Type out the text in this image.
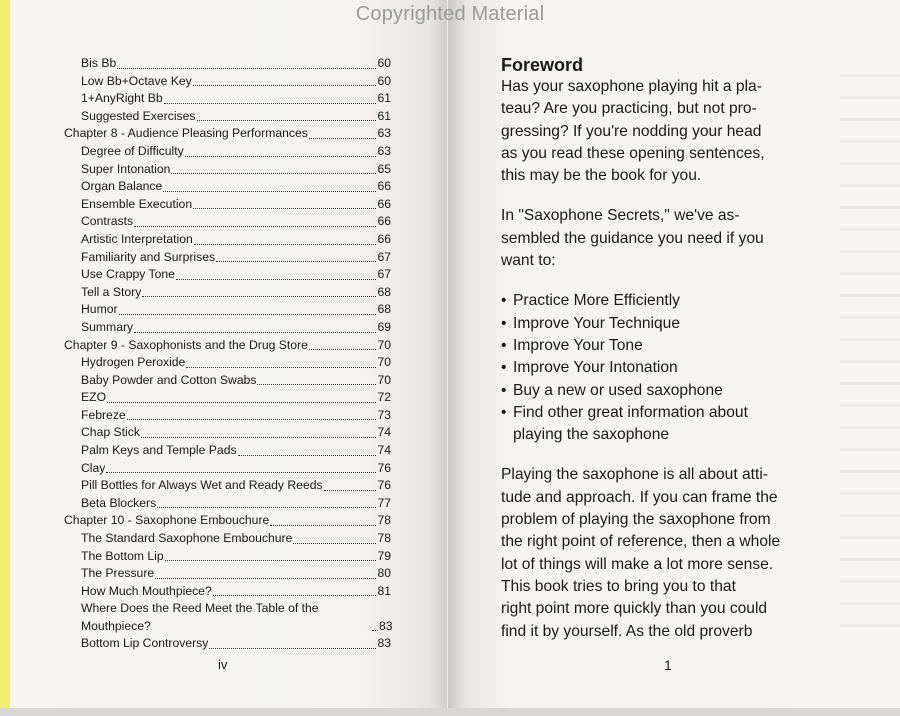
Copyrighted Material
Bis Bb	60
Low Bb+Octave Key	60
1+AnyRight Bb	61
Suggested Exercises	61
Chapter 8 - Audience Pleasing Performances	63
Degree of Difficulty	63
Super Intonation	65
Organ Balance	66
Ensemble Execution	66
Contrasts	66
Artistic Interpretation	66
Familiarity and Surprises	67
Use Crappy Tone	67
Tell a Story	68
Humor	68
Summary	69
Chapter 9 - Saxophonists and the Drug Store	70
Hydrogen Peroxide	70
Baby Powder and Cotton Swabs	70
EZO	72
Febreze	73
Chap Stick	74
Palm Keys and Temple Pads	74
Clay	76
Pill Bottles for Always Wet and Ready Reeds	76
Beta Blockers	77
Chapter 10 - Saxophone Embouchure	78
The Standard Saxophone Embouchure	78
The Bottom Lip	79
The Pressure	80
How Much Mouthpiece?	81
Where Does the Reed Meet the Table of the Mouthpiece?	83
Bottom Lip Controversy	83
iv
Foreword
Has your saxophone playing hit a pla-
teau? Are you practicing, but not pro-
gressing? If you're nodding your head
as you read these opening sentences,
this may be the book for you.
In "Saxophone Secrets," we've as-
sembled the guidance you need if you
want to:
• Practice More Efficiently
• Improve Your Technique
• Improve Your Tone
• Improve Your Intonation
• Buy a new or used saxophone
• Find other great information about
playing the saxophone
Playing the saxophone is all about atti-
tude and approach. If you can frame the
problem of playing the saxophone from
the right point of reference, then a whole
lot of things will make a lot more sense.
This book tries to bring you to that
right point more quickly than you could
find it by yourself. As the old proverb
1
